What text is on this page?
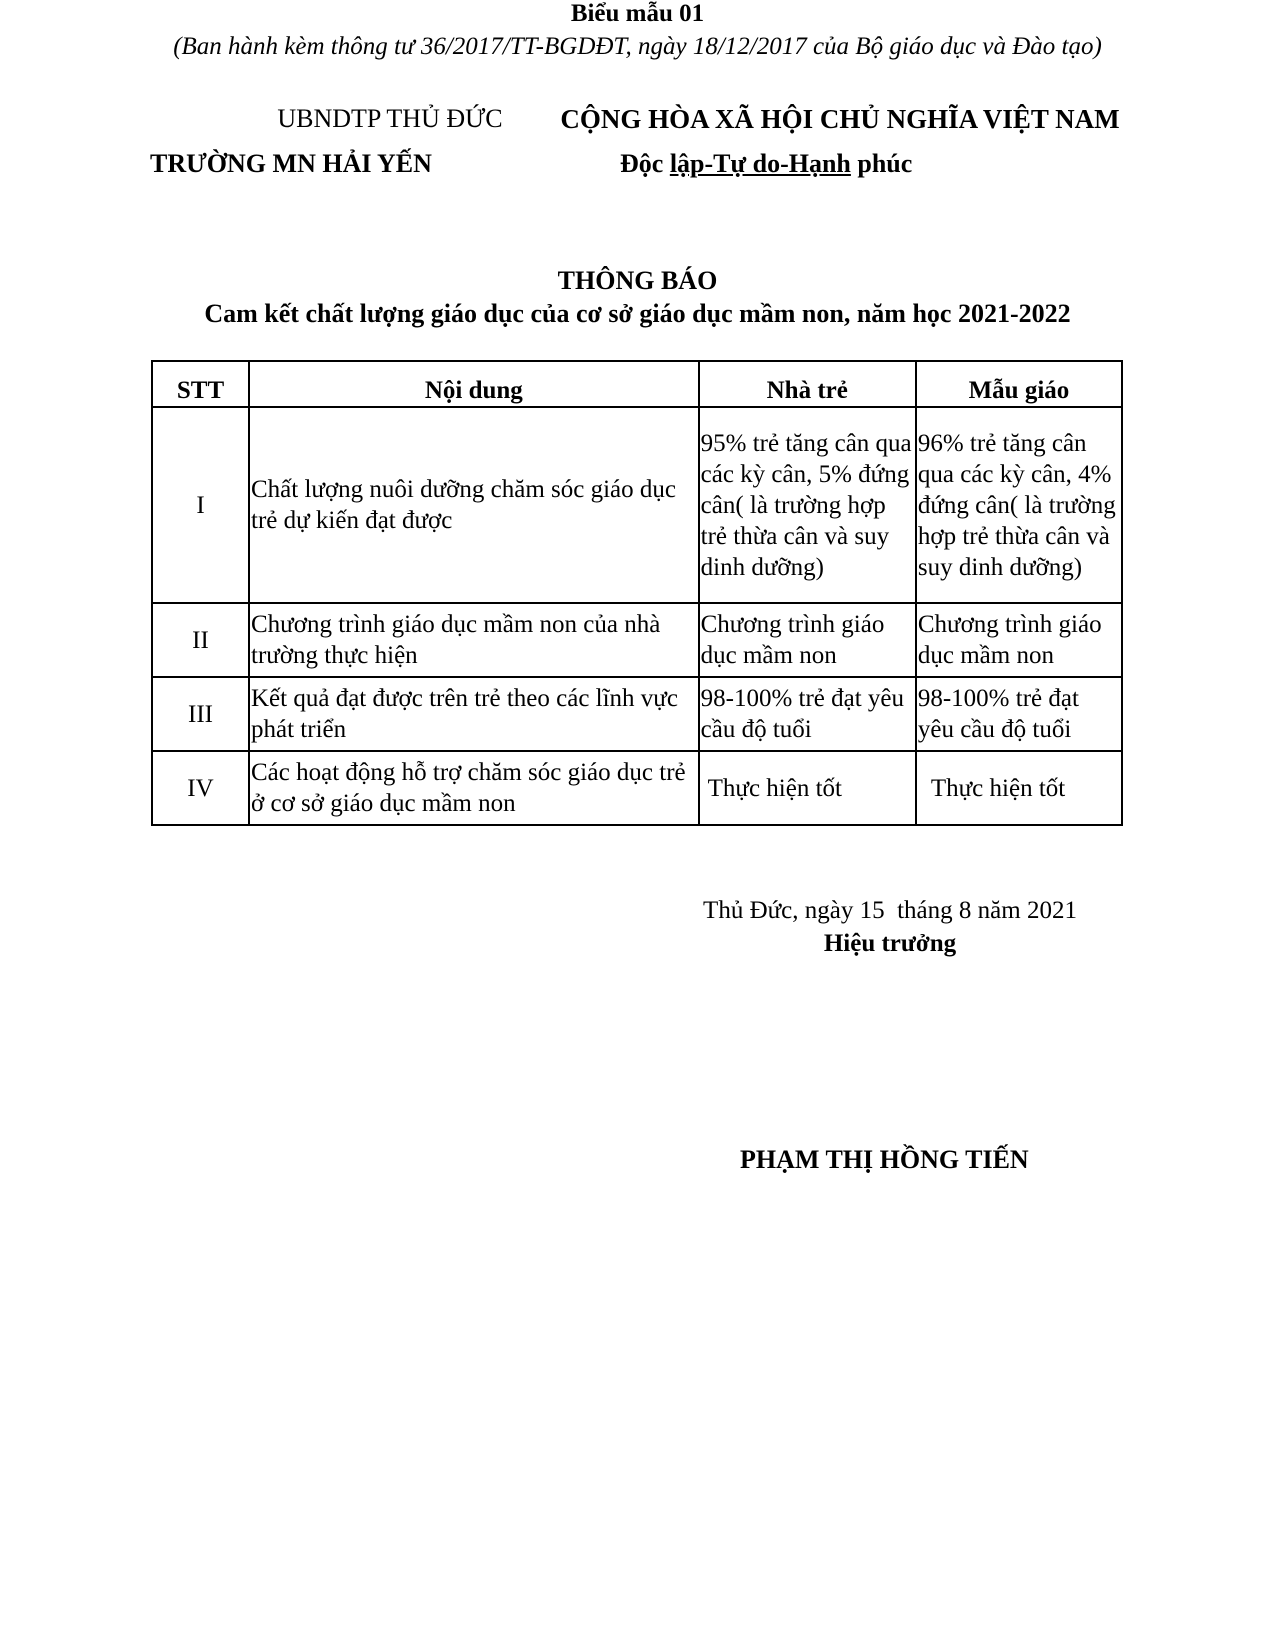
Biểu mẫu 01
(Ban hành kèm thông tư 36/2017/TT-BGDĐT, ngày 18/12/2017 của Bộ giáo dục và Đào tạo)
UBNDTP THỦ ĐỨC
TRƯỜNG MN HẢI YẾN
CỘNG HÒA XÃ HỘI CHỦ NGHĨA VIỆT NAM
Độc lập-Tự do-Hạnh phúc
THÔNG BÁO
Cam kết chất lượng giáo dục của cơ sở giáo dục mầm non, năm học 2021-2022
STT	Nội dung	Nhà trẻ	Mẫu giáo
I	Chất lượng nuôi dưỡng chăm sóc giáo dục trẻ dự kiến đạt được	95% trẻ tăng cân qua các kỳ cân, 5% đứng cân( là trường hợp trẻ thừa cân và suy dinh dưỡng)	96% trẻ tăng cân qua các kỳ cân, 4% đứng cân( là trường hợp trẻ thừa cân và suy dinh dưỡng)
II	Chương trình giáo dục mầm non của nhà trường thực hiện	Chương trình giáo dục mầm non	Chương trình giáo dục mầm non
III	Kết quả đạt được trên trẻ theo các lĩnh vực phát triển	98-100% trẻ đạt yêu cầu độ tuổi	98-100% trẻ đạt yêu cầu độ tuổi
IV	Các hoạt động hỗ trợ chăm sóc giáo dục trẻ ở cơ sở giáo dục mầm non	Thực hiện tốt	Thực hiện tốt
Thủ Đức, ngày 15  tháng 8 năm 2021
Hiệu trưởng
PHẠM THỊ HỒNG TIẾN
